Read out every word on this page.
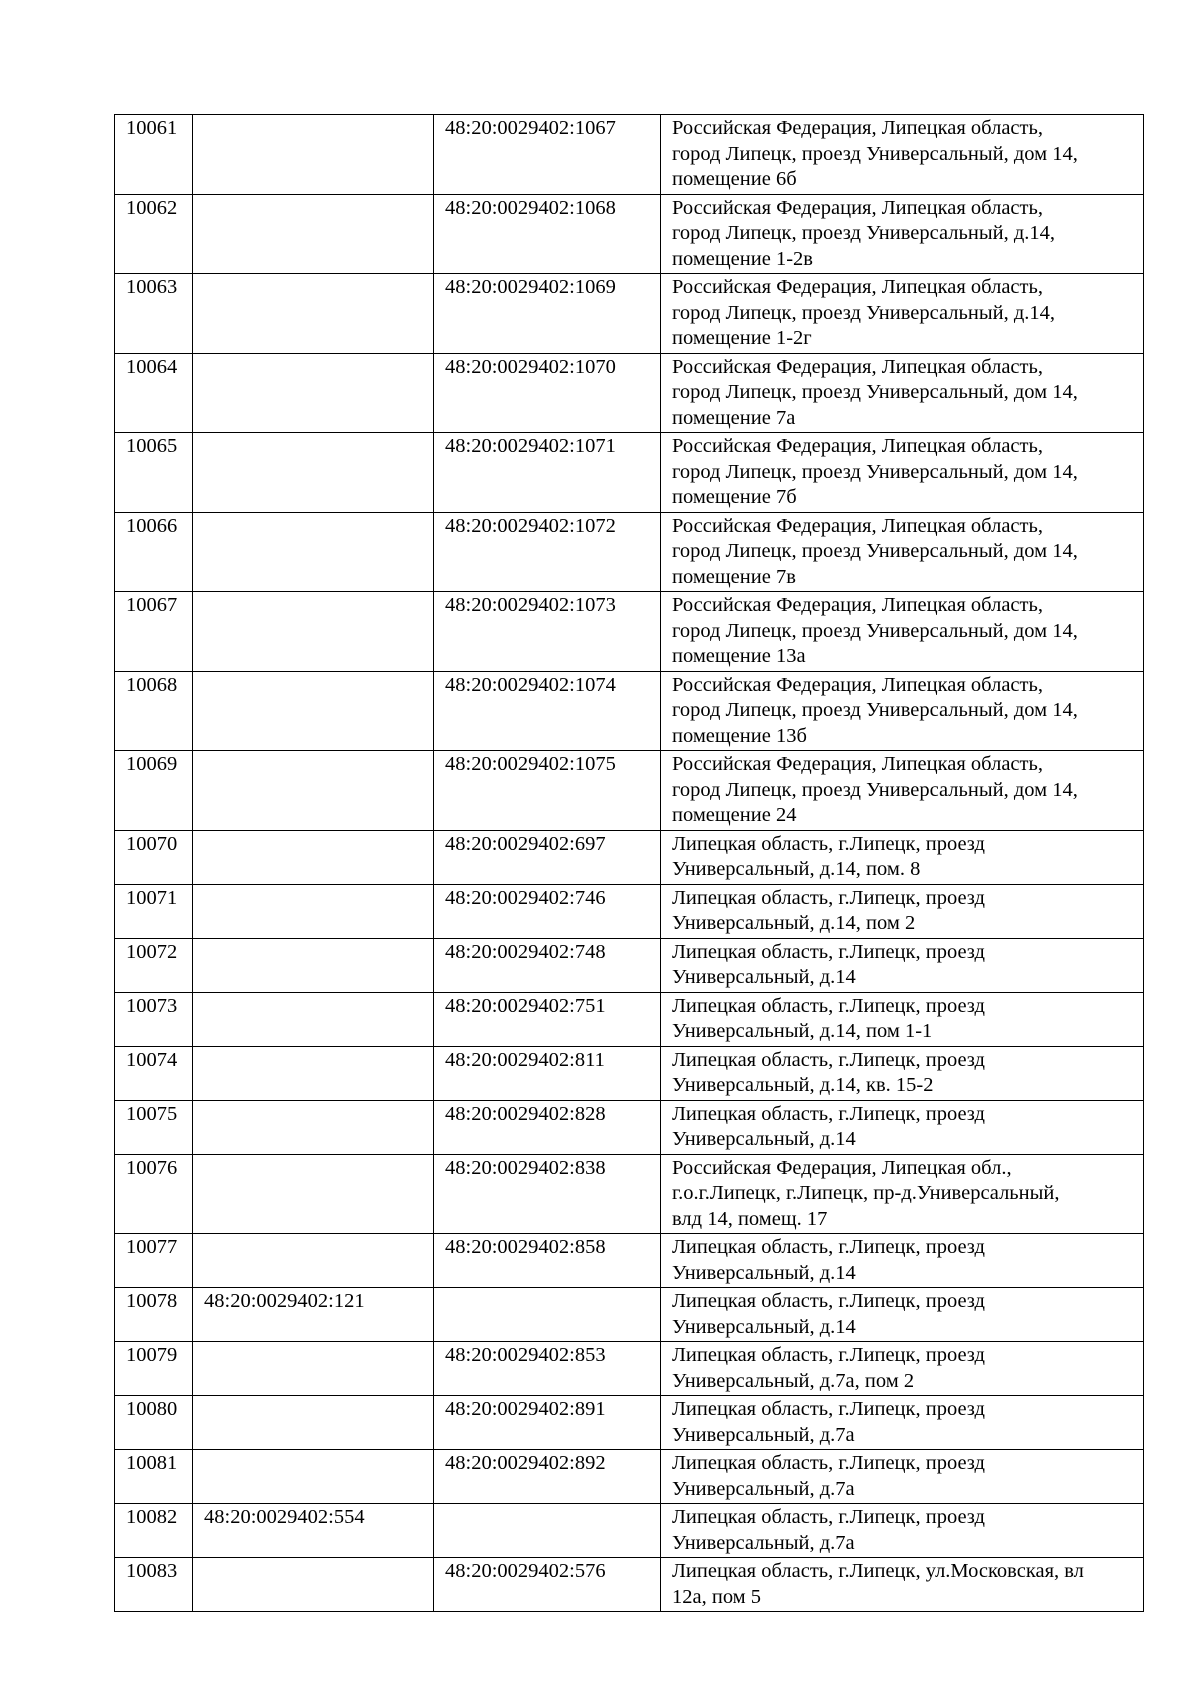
10061		48:20:0029402:1067	Российская Федерация, Липецкая область,
город Липецк, проезд Универсальный, дом 14,
помещение 6б

10062		48:20:0029402:1068	Российская Федерация, Липецкая область,
город Липецк, проезд Универсальный, д.14,
помещение 1-2в

10063		48:20:0029402:1069	Российская Федерация, Липецкая область,
город Липецк, проезд Универсальный, д.14,
помещение 1-2г

10064		48:20:0029402:1070	Российская Федерация, Липецкая область,
город Липецк, проезд Универсальный, дом 14,
помещение 7а

10065		48:20:0029402:1071	Российская Федерация, Липецкая область,
город Липецк, проезд Универсальный, дом 14,
помещение 7б

10066		48:20:0029402:1072	Российская Федерация, Липецкая область,
город Липецк, проезд Универсальный, дом 14,
помещение 7в

10067		48:20:0029402:1073	Российская Федерация, Липецкая область,
город Липецк, проезд Универсальный, дом 14,
помещение 13а

10068		48:20:0029402:1074	Российская Федерация, Липецкая область,
город Липецк, проезд Универсальный, дом 14,
помещение 13б

10069		48:20:0029402:1075	Российская Федерация, Липецкая область,
город Липецк, проезд Универсальный, дом 14,
помещение 24

10070		48:20:0029402:697	Липецкая область, г.Липецк, проезд
Универсальный, д.14, пом. 8

10071		48:20:0029402:746	Липецкая область, г.Липецк, проезд
Универсальный, д.14, пом 2

10072		48:20:0029402:748	Липецкая область, г.Липецк, проезд
Универсальный, д.14

10073		48:20:0029402:751	Липецкая область, г.Липецк, проезд
Универсальный, д.14, пом 1-1

10074		48:20:0029402:811	Липецкая область, г.Липецк, проезд
Универсальный, д.14, кв. 15-2

10075		48:20:0029402:828	Липецкая область, г.Липецк, проезд
Универсальный, д.14

10076		48:20:0029402:838	Российская Федерация, Липецкая обл.,
г.о.г.Липецк, г.Липецк, пр-д.Универсальный,
влд 14, помещ. 17

10077		48:20:0029402:858	Липецкая область, г.Липецк, проезд
Универсальный, д.14

10078	48:20:0029402:121		Липецкая область, г.Липецк, проезд
Универсальный, д.14

10079		48:20:0029402:853	Липецкая область, г.Липецк, проезд
Универсальный, д.7а, пом 2

10080		48:20:0029402:891	Липецкая область, г.Липецк, проезд
Универсальный, д.7а

10081		48:20:0029402:892	Липецкая область, г.Липецк, проезд
Универсальный, д.7а

10082	48:20:0029402:554		Липецкая область, г.Липецк, проезд
Универсальный, д.7а

10083		48:20:0029402:576	Липецкая область, г.Липецк, ул.Московская, вл
12а, пом 5
